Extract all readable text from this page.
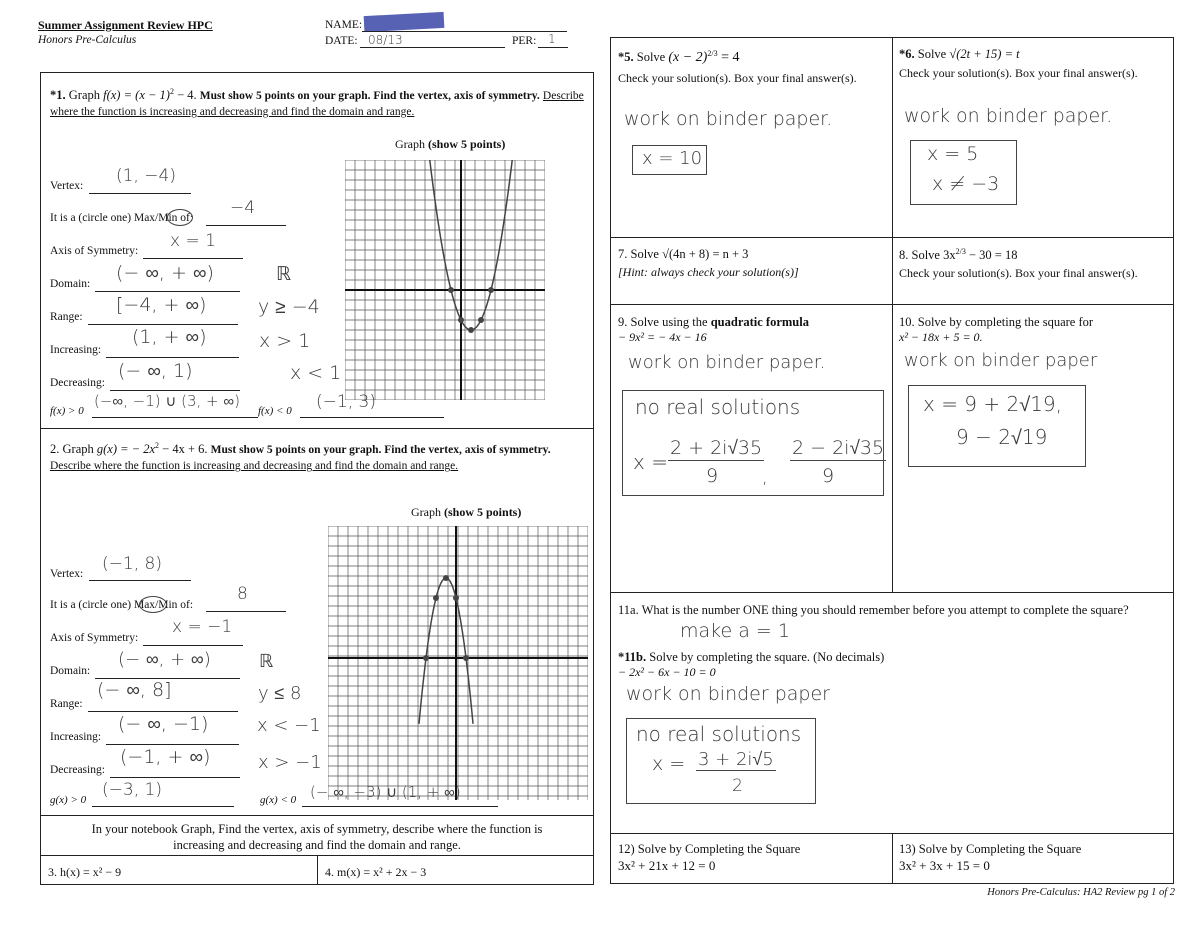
Summer Assignment Review HPC
Honors Pre-Calculus
NAME:
DATE: 08/13	PER: 1
*1. Graph $f(x) = (x - 1)^2 - 4$. Must show 5 points on your graph. Find the vertex, axis of symmetry. Describe where the function is increasing and decreasing and find the domain and range.
Graph (show 5 points)
Vertex: (1, −4)
It is a (circle one) Max/Min of: −4
Axis of Symmetry: x = 1
Domain: (− ∞, + ∞)	ℝ
Range:
[−4, + ∞)	y ≥ −4
Increasing:
(1, + ∞)	x > 1
Decreasing:
(− ∞, 1)	x < 1
f(x) > 0
(−∞, −1) ∪ (3, + ∞)
f(x) < 0 (−1, 3)
2. Graph g(x) = − $2x^2 - 4x + 6$. Must show 5 points on your graph. Find the vertex, axis of symmetry. Describe where the function is increasing and decreasing and find the domain and range.
Graph (show 5 points)
Vertex: (−1, 8)
It is a (circle one) Max/Min of:
8
Axis of Symmetry:
x = −1
Domain:
(− ∞, + ∞)	ℝ
Range:
(− ∞, 8]	y ≤ 8
Increasing:
(− ∞, −1)	x < −1
Decreasing:
(−1, + ∞)	x > −1
g(x) > 0 (−3, 1)	g(x) < 0 (− ∞, −3) ∪ (1, + ∞)
In your notebook Graph, Find the vertex, axis of symmetry, describe where the function is
increasing and decreasing and find the domain and range.
3. h(x) = x² − 9	4. m(x) = x² + 2x − 3
*5. Solve $(x - 2)^{2/3} = 4$
Check your solution(s). Box your final answer(s).
work on binder paper.
x = 10
*6. Solve √(2t + 15) = t
Check your solution(s). Box your final answer(s).
work on binder paper.
x = 5
x ≠ −3
7. Solve √(4n + 8) = n + 3
[Hint: always check your solution(s)]
8. Solve $3x^{2/3} - 30 = 18$
Check your solution(s). Box your final answer(s).
9. Solve using the quadratic formula
− 9x² = − 4x − 16
work on binder paper.
no real solutions
x =
2 + 2i√35
9 ,
2 − 2i√35
9
10. Solve by completing the square for
x² − 18x + 5 = 0.
work on binder paper
x = 9 + 2√19,
9 − 2√19
11a. What is the number ONE thing you should remember before you attempt to complete the square?
make a = 1
*11b. Solve by completing the square. (No decimals)
− 2x² − 6x − 10 = 0
work on binder paper
no real solutions
x = 3 + 2i√5
2
12) Solve by Completing the Square
3x² + 21x + 12 = 0
13) Solve by Completing the Square
3x² + 3x + 15 = 0
Honors Pre-Calculus: HA2 Review pg 1 of 2
